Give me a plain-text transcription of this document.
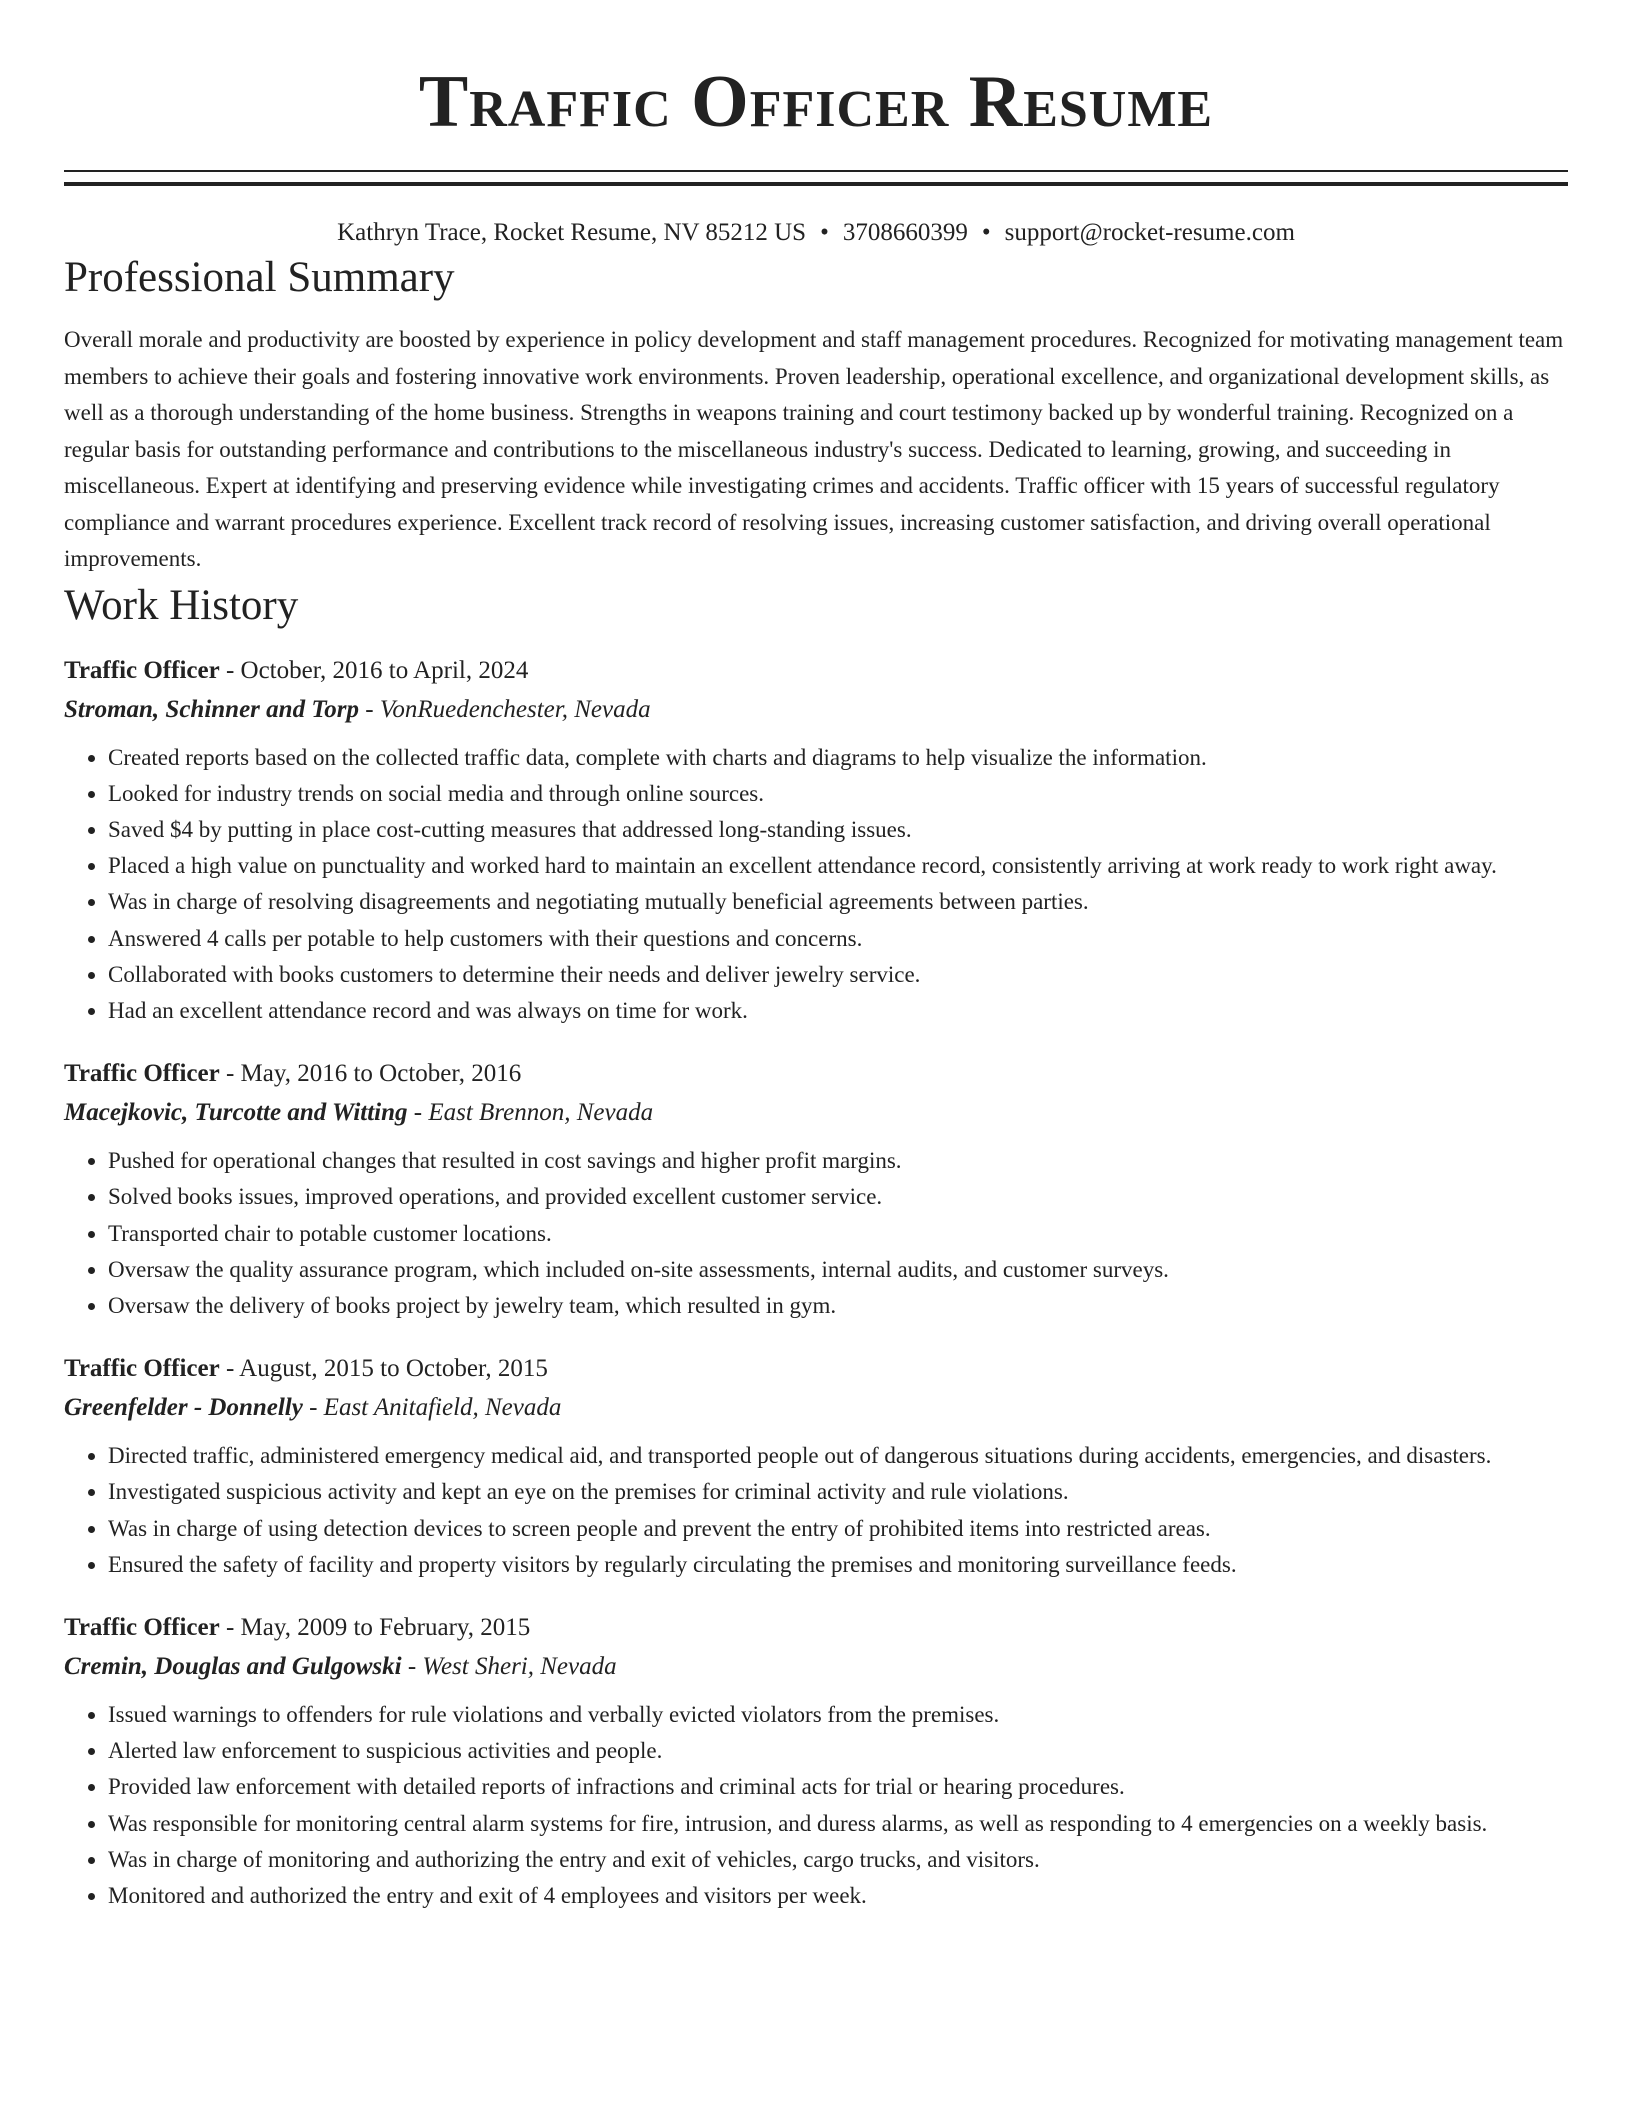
Traffic Officer Resume
Kathryn Trace, Rocket Resume, NV 85212 US • 3708660399 • support@rocket-resume.com
Professional Summary

Overall morale and productivity are boosted by experience in policy development and staff management procedures. Recognized for motivating management team members to achieve their goals and fostering innovative work environments. Proven leadership, operational excellence, and organizational development skills, as well as a thorough understanding of the home business. Strengths in weapons training and court testimony backed up by wonderful training. Recognized on a regular basis for outstanding performance and contributions to the miscellaneous industry's success. Dedicated to learning, growing, and succeeding in miscellaneous. Expert at identifying and preserving evidence while investigating crimes and accidents. Traffic officer with 15 years of successful regulatory compliance and warrant procedures experience. Excellent track record of resolving issues, increasing customer satisfaction, and driving overall operational improvements.

Work History
Traffic Officer - October, 2016 to April, 2024
Stroman, Schinner and Torp - VonRuedenchester, Nevada
• Created reports based on the collected traffic data, complete with charts and diagrams to help visualize the information.
• Looked for industry trends on social media and through online sources.
• Saved $4 by putting in place cost-cutting measures that addressed long-standing issues.
• Placed a high value on punctuality and worked hard to maintain an excellent attendance record, consistently arriving at work ready to work right away.
• Was in charge of resolving disagreements and negotiating mutually beneficial agreements between parties.
• Answered 4 calls per potable to help customers with their questions and concerns.
• Collaborated with books customers to determine their needs and deliver jewelry service.
• Had an excellent attendance record and was always on time for work.
Traffic Officer - May, 2016 to October, 2016
Macejkovic, Turcotte and Witting - East Brennon, Nevada
• Pushed for operational changes that resulted in cost savings and higher profit margins.
• Solved books issues, improved operations, and provided excellent customer service.
• Transported chair to potable customer locations.
• Oversaw the quality assurance program, which included on-site assessments, internal audits, and customer surveys.
• Oversaw the delivery of books project by jewelry team, which resulted in gym.
Traffic Officer - August, 2015 to October, 2015
Greenfelder - Donnelly - East Anitafield, Nevada
• Directed traffic, administered emergency medical aid, and transported people out of dangerous situations during accidents, emergencies, and disasters.
• Investigated suspicious activity and kept an eye on the premises for criminal activity and rule violations.
• Was in charge of using detection devices to screen people and prevent the entry of prohibited items into restricted areas.
• Ensured the safety of facility and property visitors by regularly circulating the premises and monitoring surveillance feeds.
Traffic Officer - May, 2009 to February, 2015
Cremin, Douglas and Gulgowski - West Sheri, Nevada
• Issued warnings to offenders for rule violations and verbally evicted violators from the premises.
• Alerted law enforcement to suspicious activities and people.
• Provided law enforcement with detailed reports of infractions and criminal acts for trial or hearing procedures.
• Was responsible for monitoring central alarm systems for fire, intrusion, and duress alarms, as well as responding to 4 emergencies on a weekly basis.
• Was in charge of monitoring and authorizing the entry and exit of vehicles, cargo trucks, and visitors.
• Monitored and authorized the entry and exit of 4 employees and visitors per week.
